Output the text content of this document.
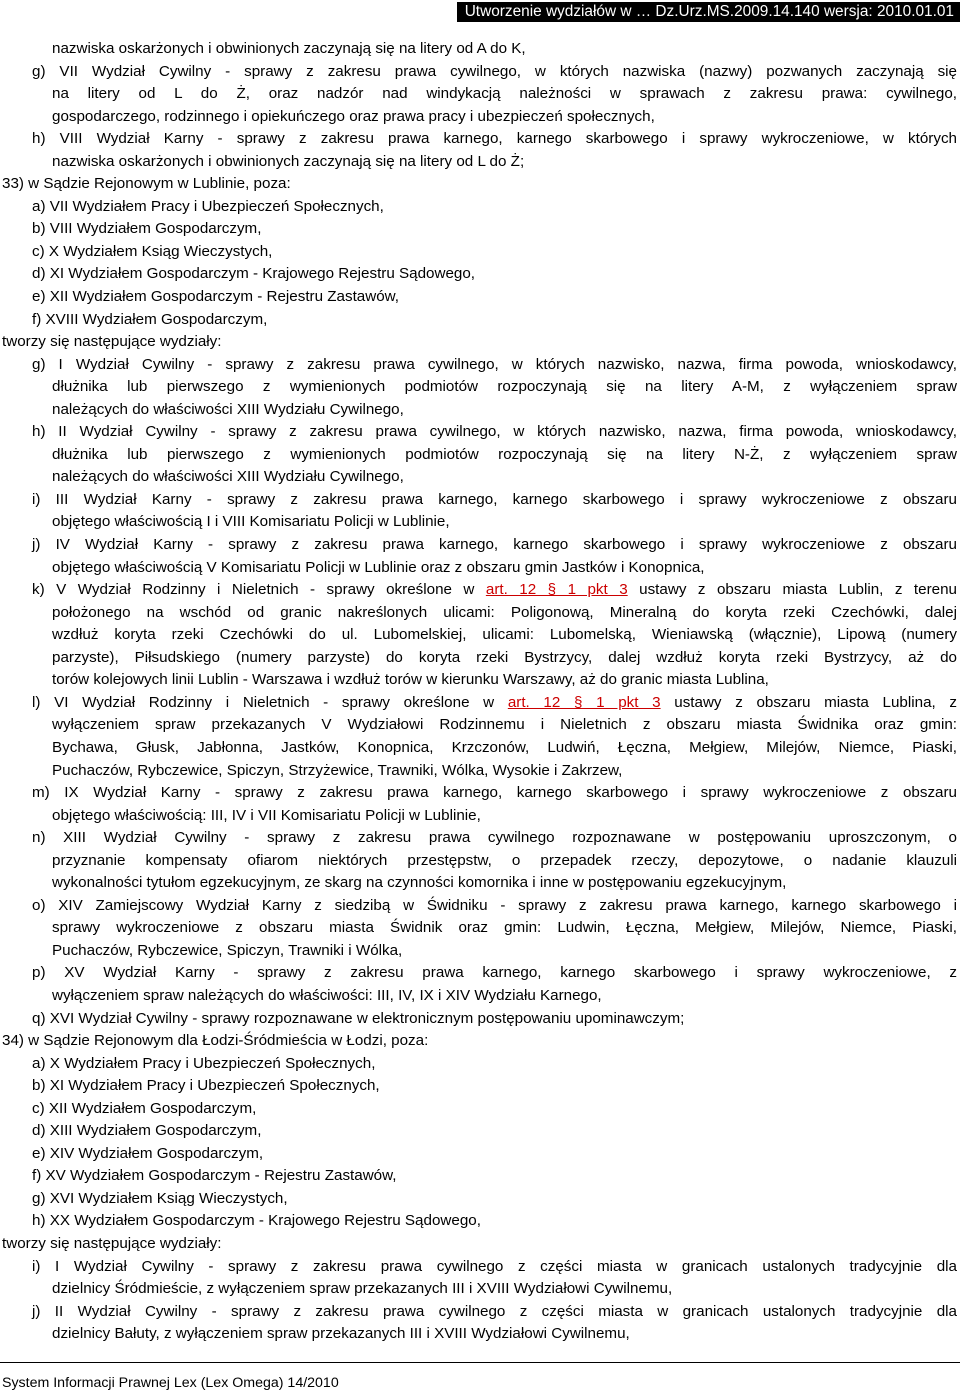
Utworzenie wydziałów w … Dz.Urz.MS.2009.14.140 wersja: 2010.01.01
nazwiska oskarżonych i obwinionych zaczynają się na litery od A do K,
g) VII Wydział Cywilny - sprawy z zakresu prawa cywilnego, w których nazwiska (nazwy) pozwanych zaczynają się
na litery od L do Ż, oraz nadzór nad windykacją należności w sprawach z zakresu prawa: cywilnego,
gospodarczego, rodzinnego i opiekuńczego oraz prawa pracy i ubezpieczeń społecznych,
h) VIII Wydział Karny - sprawy z zakresu prawa karnego, karnego skarbowego i sprawy wykroczeniowe, w których
nazwiska oskarżonych i obwinionych zaczynają się na litery od L do Ż;
33) w Sądzie Rejonowym w Lublinie, poza:
a) VII Wydziałem Pracy i Ubezpieczeń Społecznych,
b) VIII Wydziałem Gospodarczym,
c) X Wydziałem Ksiąg Wieczystych,
d) XI Wydziałem Gospodarczym - Krajowego Rejestru Sądowego,
e) XII Wydziałem Gospodarczym - Rejestru Zastawów,
f) XVIII Wydziałem Gospodarczym,
tworzy się następujące wydziały:
g) I Wydział Cywilny - sprawy z zakresu prawa cywilnego, w których nazwisko, nazwa, firma powoda, wnioskodawcy,
dłużnika lub pierwszego z wymienionych podmiotów rozpoczynają się na litery A-M, z wyłączeniem spraw
należących do właściwości XIII Wydziału Cywilnego,
h) II Wydział Cywilny - sprawy z zakresu prawa cywilnego, w których nazwisko, nazwa, firma powoda, wnioskodawcy,
dłużnika lub pierwszego z wymienionych podmiotów rozpoczynają się na litery N-Ż, z wyłączeniem spraw
należących do właściwości XIII Wydziału Cywilnego,
i) III Wydział Karny - sprawy z zakresu prawa karnego, karnego skarbowego i sprawy wykroczeniowe z obszaru
objętego właściwością I i VIII Komisariatu Policji w Lublinie,
j) IV Wydział Karny - sprawy z zakresu prawa karnego, karnego skarbowego i sprawy wykroczeniowe z obszaru
objętego właściwością V Komisariatu Policji w Lublinie oraz z obszaru gmin Jastków i Konopnica,
k) V Wydział Rodzinny i Nieletnich - sprawy określone w art. 12 § 1 pkt 3 ustawy z obszaru miasta Lublin, z terenu
położonego na wschód od granic nakreślonych ulicami: Poligonową, Mineralną do koryta rzeki Czechówki, dalej
wzdłuż koryta rzeki Czechówki do ul. Lubomelskiej, ulicami: Lubomelską, Wieniawską (włącznie), Lipową (numery
parzyste), Piłsudskiego (numery parzyste) do koryta rzeki Bystrzycy, dalej wzdłuż koryta rzeki Bystrzycy, aż do
torów kolejowych linii Lublin - Warszawa i wzdłuż torów w kierunku Warszawy, aż do granic miasta Lublina,
l) VI Wydział Rodzinny i Nieletnich - sprawy określone w art. 12 § 1 pkt 3 ustawy z obszaru miasta Lublina, z
wyłączeniem spraw przekazanych V Wydziałowi Rodzinnemu i Nieletnich z obszaru miasta Świdnika oraz gmin:
Bychawa, Głusk, Jabłonna, Jastków, Konopnica, Krzczonów, Ludwiń, Łęczna, Mełgiew, Milejów, Niemce, Piaski,
Puchaczów, Rybczewice, Spiczyn, Strzyżewice, Trawniki, Wólka, Wysokie i Zakrzew,
m) IX Wydział Karny - sprawy z zakresu prawa karnego, karnego skarbowego i sprawy wykroczeniowe z obszaru
objętego właściwością: III, IV i VII Komisariatu Policji w Lublinie,
n) XIII Wydział Cywilny - sprawy z zakresu prawa cywilnego rozpoznawane w postępowaniu uproszczonym, o
przyznanie kompensaty ofiarom niektórych przestępstw, o przepadek rzeczy, depozytowe, o nadanie klauzuli
wykonalności tytułom egzekucyjnym, ze skarg na czynności komornika i inne w postępowaniu egzekucyjnym,
o) XIV Zamiejscowy Wydział Karny z siedzibą w Świdniku - sprawy z zakresu prawa karnego, karnego skarbowego i
sprawy wykroczeniowe z obszaru miasta Świdnik oraz gmin: Ludwin, Łęczna, Mełgiew, Milejów, Niemce, Piaski,
Puchaczów, Rybczewice, Spiczyn, Trawniki i Wólka,
p) XV Wydział Karny - sprawy z zakresu prawa karnego, karnego skarbowego i sprawy wykroczeniowe, z
wyłączeniem spraw należących do właściwości: III, IV, IX i XIV Wydziału Karnego,
q) XVI Wydział Cywilny - sprawy rozpoznawane w elektronicznym postępowaniu upominawczym;
34) w Sądzie Rejonowym dla Łodzi-Śródmieścia w Łodzi, poza:
a) X Wydziałem Pracy i Ubezpieczeń Społecznych,
b) XI Wydziałem Pracy i Ubezpieczeń Społecznych,
c) XII Wydziałem Gospodarczym,
d) XIII Wydziałem Gospodarczym,
e) XIV Wydziałem Gospodarczym,
f) XV Wydziałem Gospodarczym - Rejestru Zastawów,
g) XVI Wydziałem Ksiąg Wieczystych,
h) XX Wydziałem Gospodarczym - Krajowego Rejestru Sądowego,
tworzy się następujące wydziały:
i) I Wydział Cywilny - sprawy z zakresu prawa cywilnego z części miasta w granicach ustalonych tradycyjnie dla
dzielnicy Śródmieście, z wyłączeniem spraw przekazanych III i XVIII Wydziałowi Cywilnemu,
j) II Wydział Cywilny - sprawy z zakresu prawa cywilnego z części miasta w granicach ustalonych tradycyjnie dla
dzielnicy Bałuty, z wyłączeniem spraw przekazanych III i XVIII Wydziałowi Cywilnemu,
System Informacji Prawnej Lex (Lex Omega) 14/2010
